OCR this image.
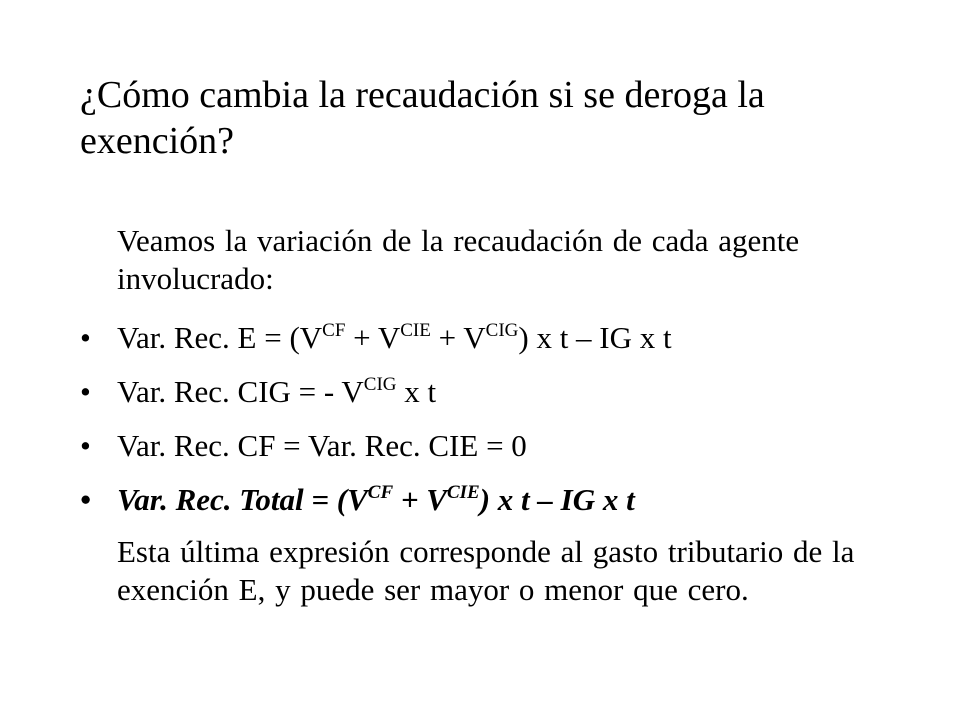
¿Cómo cambia la recaudación si se deroga la exención?

Veamos la variación de la recaudación de cada agente involucrado:

• Var. Rec. $E = (V^{CF} + V^{CIE} + V^{CIG})$ x t – IG x t
• Var. Rec. CIG = - $V^{CIG}$ x t
• Var. Rec. CF = Var. Rec. CIE = 0
• Var. Rec. Total = $(V^{CF} + V^{CIE})$ x t – IG x t

Esta última expresión corresponde al gasto tributario de la exención E, y puede ser mayor o menor que cero.
